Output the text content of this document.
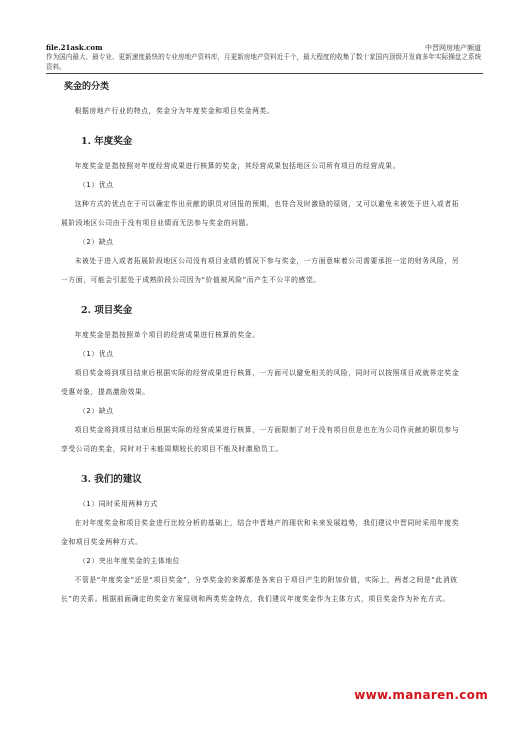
file.21ask.com	中晋网房地产频道
作为国内最大、最专业、更新速度最快的专业房地产资料库，月更新房地产资料近千个，最大程度的收集了数十家国内顶级开发商多年实际操盘之系统资料。
奖金的分类

根据房地产行业的特点，奖金分为年度奖金和项目奖金两类。

1. 年度奖金

年度奖金是指按照对年度经营成果进行核算的奖金，其经营成果包括地区公司所有项目的经营成果。

（1）优点

这种方式的优点在于可以确定作出贡献的职员对回报的预期，也符合及时激励的原则，又可以避免未被处于进入或者拓展阶段地区公司由于没有项目业绩而无法参与奖金的问题。

（2）缺点

未被处于进入或者拓展阶段地区公司没有项目业绩的情况下参与奖金，一方面意味着公司需要承担一定的财务风险，另一方面，可能会引起处于成熟阶段公司因为“价值被风险”而产生不公平的感觉。

2. 项目奖金

年度奖金是指按照单个项目的经营成果进行核算的奖金。

（1）优点

项目奖金将到项目结束后根据实际的经营成果进行核算，一方面可以避免相关的风险，同时可以按照项目成就界定奖金受惠对象，提高激励效果。

（2）缺点

项目奖金将到项目结束后根据实际的经营成果进行核算，一方面限制了对于没有项目但是也在为公司作贡献的职员参与享受公司的奖金，同时对于未能周期较长的项目不能及时激励员工。

3. 我们的建议

（1）同时采用两种方式

在对年度奖金和项目奖金进行比较分析的基础上，结合中晋地产的现状和未来发展趋势，我们建议中晋同时采用年度奖金和项目奖金两种方式。

（2）突出年度奖金的主体地位

不管是“年度奖金”还是“项目奖金”，分享奖金的来源都是各来自于项目产生的附加价值，实际上，两者之间是“此消彼长”的关系。根据前面确定的奖金方案原则和两类奖金特点，我们建议年度奖金作为主体方式，项目奖金作为补充方式。

www.manaren.com
